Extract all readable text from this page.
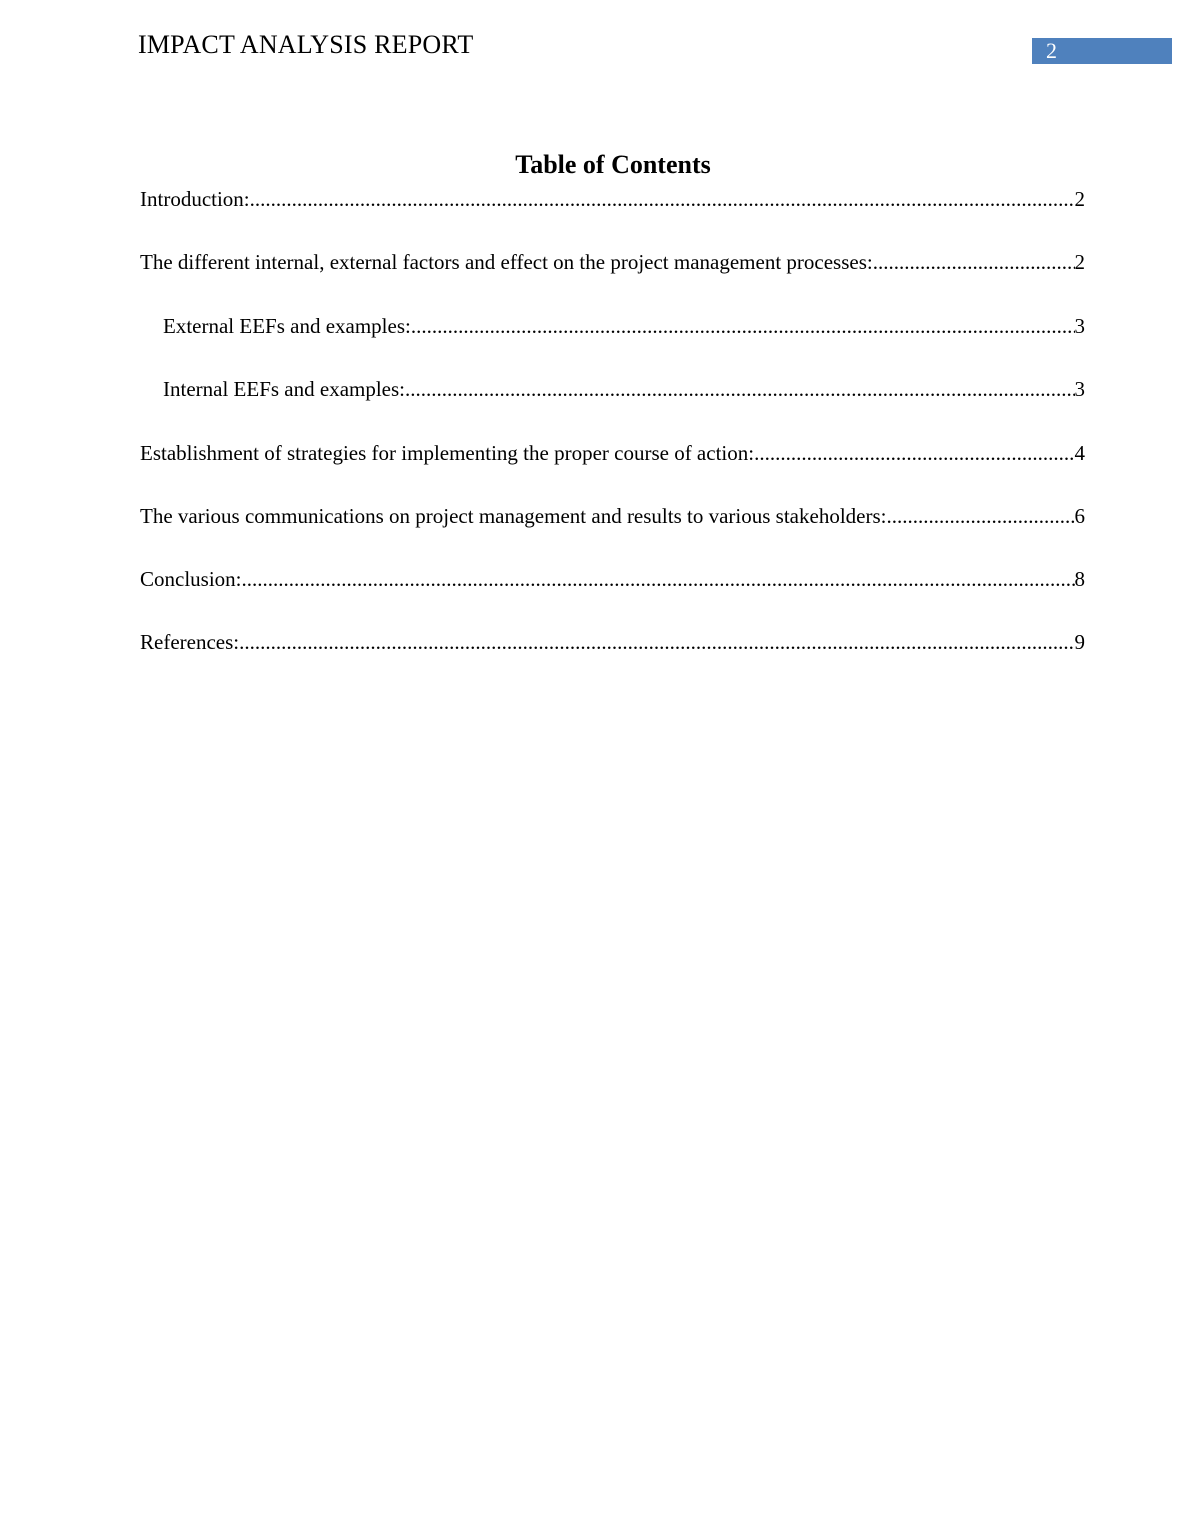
IMPACT ANALYSIS REPORT	2
Table of Contents
Introduction: .....	2
The different internal, external factors and effect on the project management processes: .....	2
External EEFs and examples: .....	3
Internal EEFs and examples: .....	3
Establishment of strategies for implementing the proper course of action: .....	4
The various communications on project management and results to various stakeholders: .....	6
Conclusion: .....	8
References: .....	9
